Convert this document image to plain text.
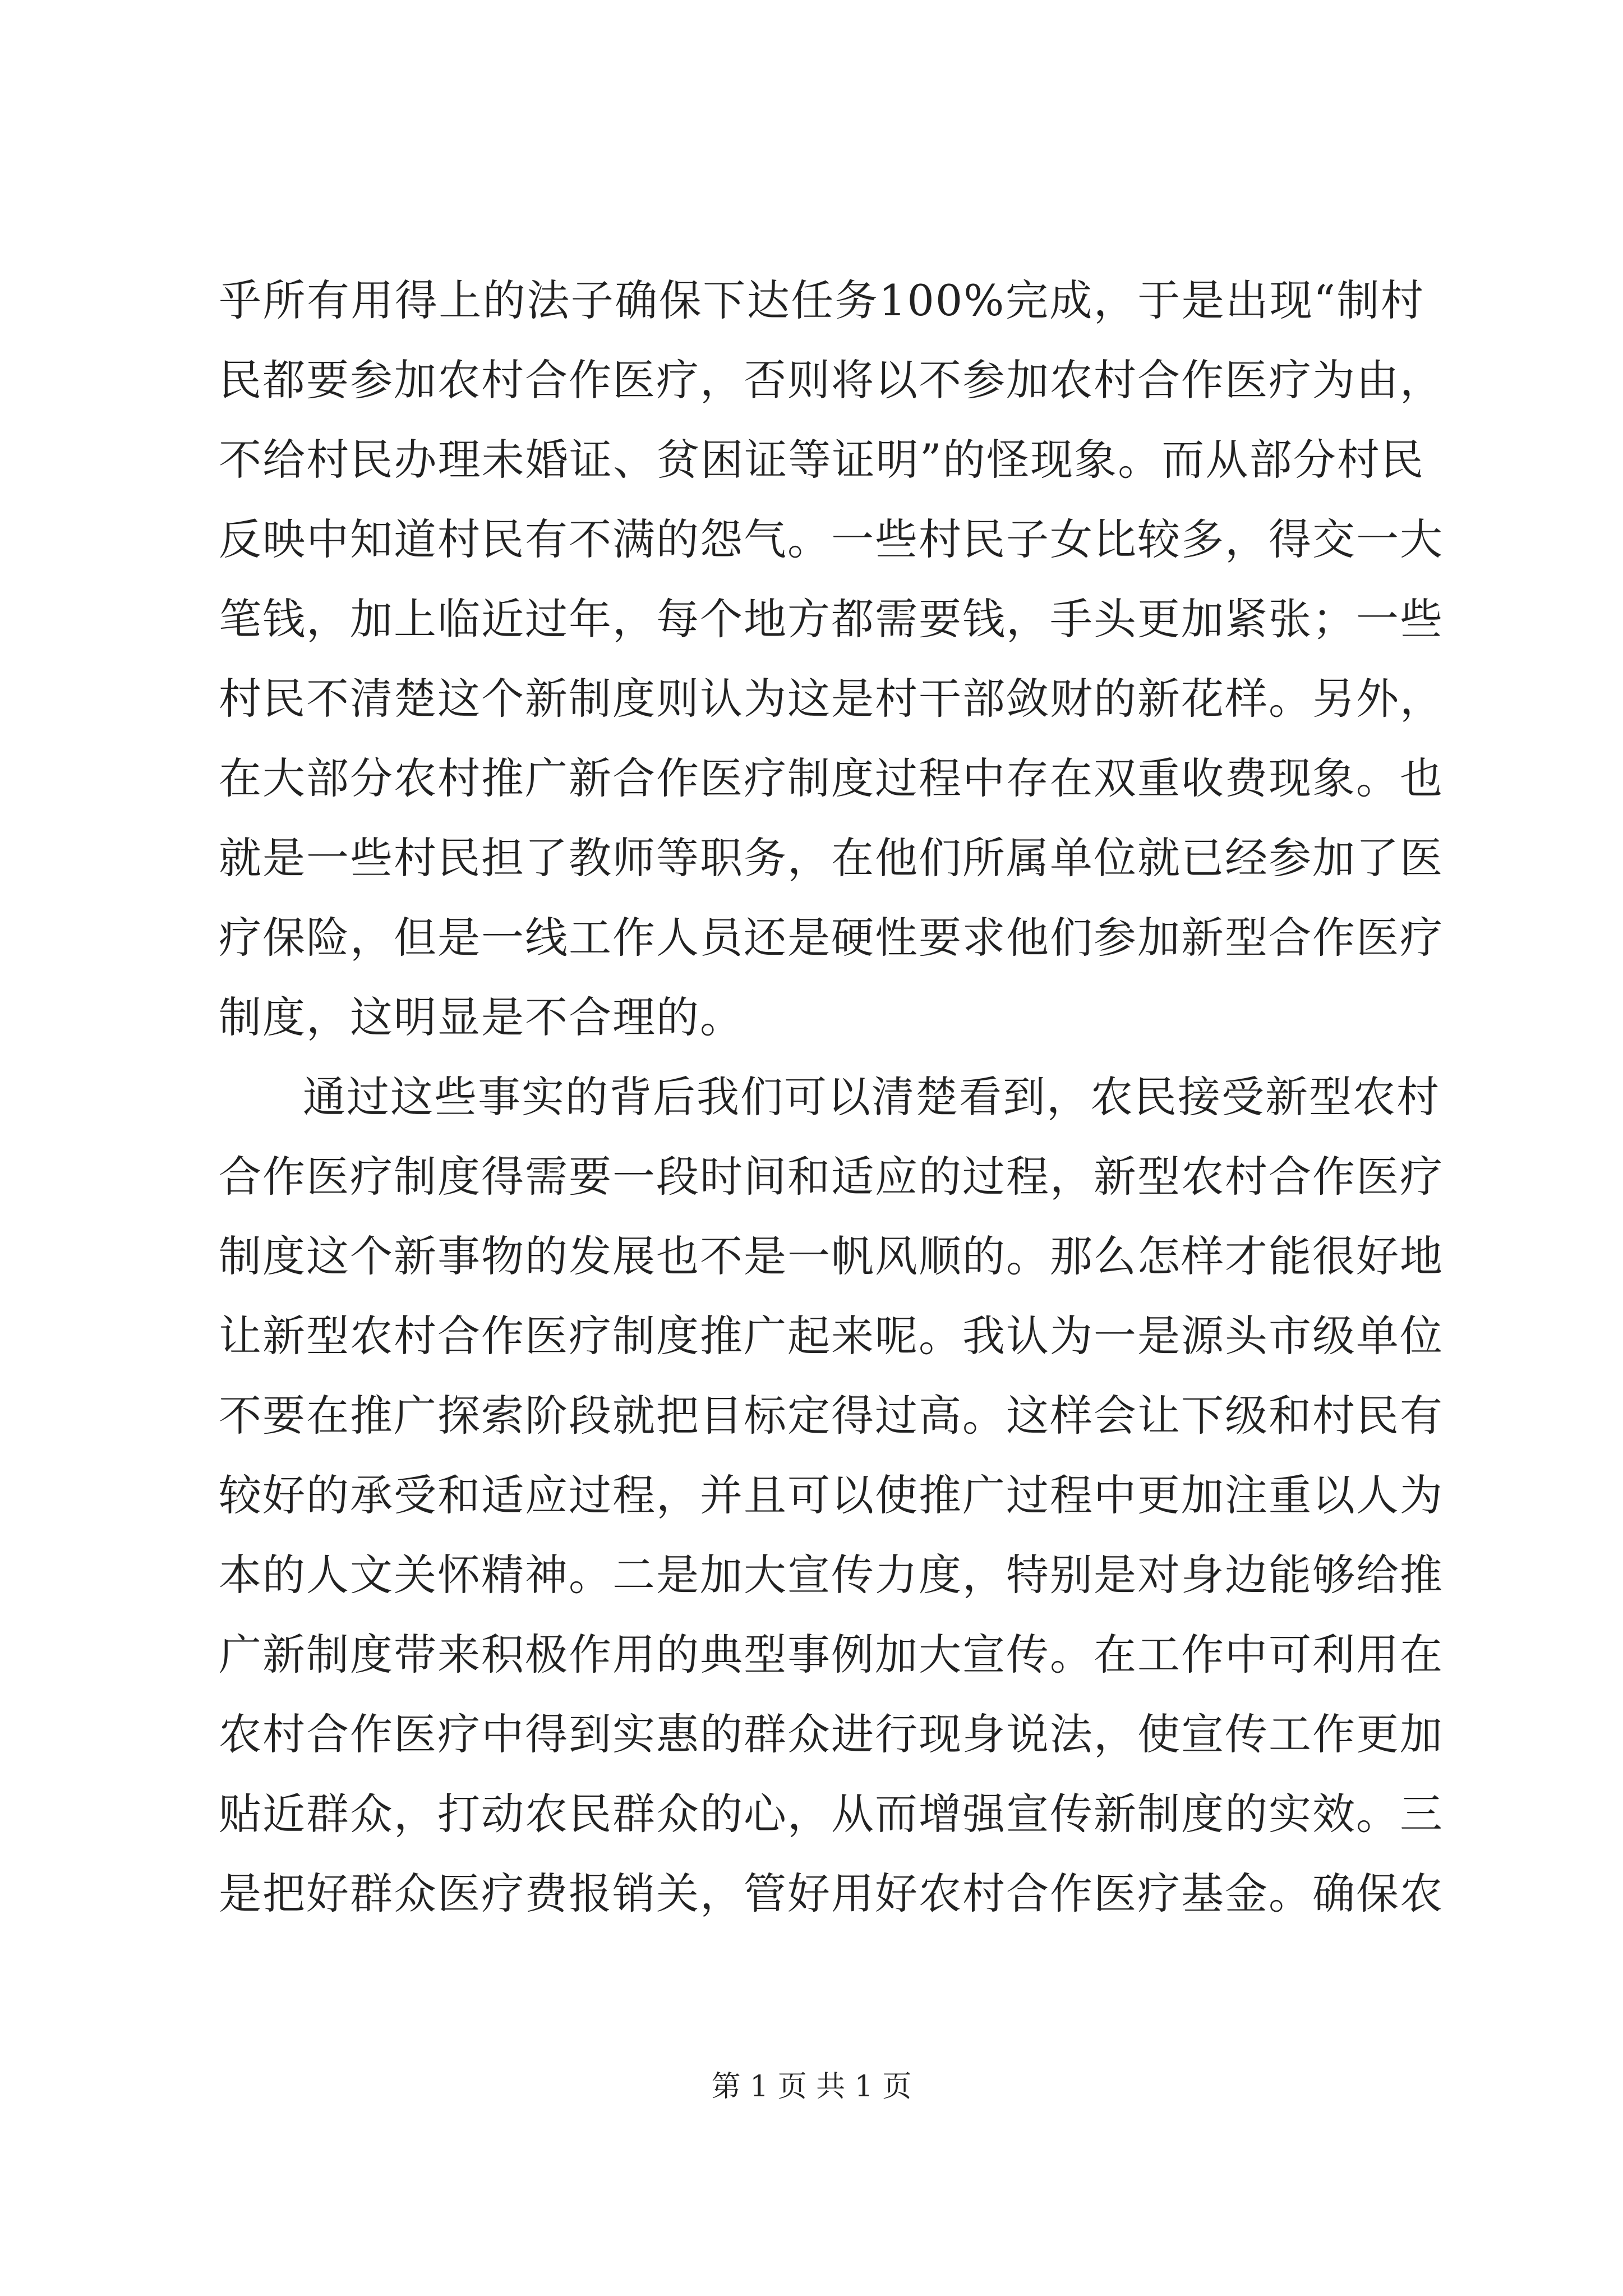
乎所有用得上的法子确保下达任务100%完成，于是出现“制村
民都要参加农村合作医疗，否则将以不参加农村合作医疗为由，
不给村民办理未婚证、贫困证等证明”的怪现象。而从部分村民
反映中知道村民有不满的怨气。一些村民子女比较多，得交一大
笔钱，加上临近过年，每个地方都需要钱，手头更加紧张；一些
村民不清楚这个新制度则认为这是村干部敛财的新花样。另外，
在大部分农村推广新合作医疗制度过程中存在双重收费现象。也
就是一些村民担了教师等职务，在他们所属单位就已经参加了医
疗保险，但是一线工作人员还是硬性要求他们参加新型合作医疗
制度，这明显是不合理的。
通过这些事实的背后我们可以清楚看到，农民接受新型农村
合作医疗制度得需要一段时间和适应的过程，新型农村合作医疗
制度这个新事物的发展也不是一帆风顺的。那么怎样才能很好地
让新型农村合作医疗制度推广起来呢。我认为一是源头市级单位
不要在推广探索阶段就把目标定得过高。这样会让下级和村民有
较好的承受和适应过程，并且可以使推广过程中更加注重以人为
本的人文关怀精神。二是加大宣传力度，特别是对身边能够给推
广新制度带来积极作用的典型事例加大宣传。在工作中可利用在
农村合作医疗中得到实惠的群众进行现身说法，使宣传工作更加
贴近群众，打动农民群众的心，从而增强宣传新制度的实效。三
是把好群众医疗费报销关，管好用好农村合作医疗基金。确保农
第 1 页 共 1 页
